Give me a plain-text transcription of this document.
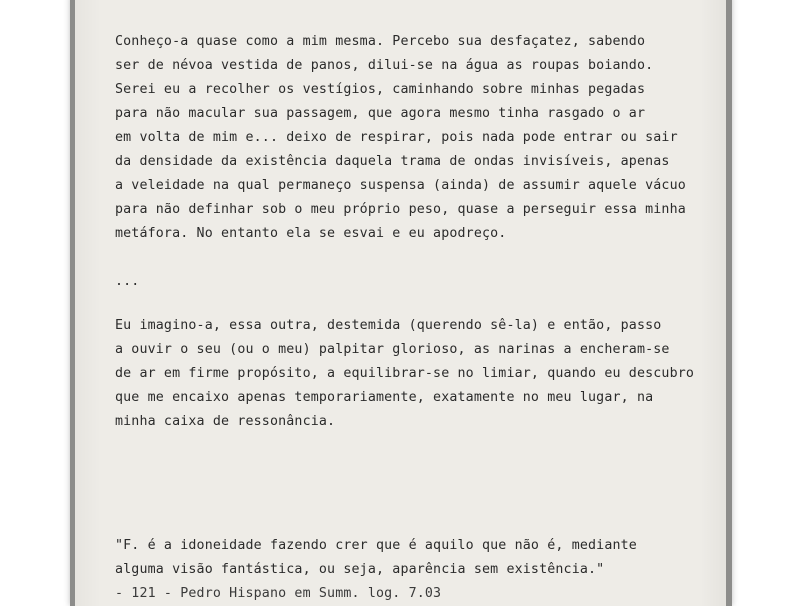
Conheço-a quase como a mim mesma. Percebo sua desfaçatez, sabendo
ser de névoa vestida de panos, dilui-se na água as roupas boiando.
Serei eu a recolher os vestígios, caminhando sobre minhas pegadas
para não macular sua passagem, que agora mesmo tinha rasgado o ar
em volta de mim e... deixo de respirar, pois nada pode entrar ou sair
da densidade da existência daquela trama de ondas invisíveis, apenas
a veleidade na qual permaneço suspensa (ainda) de assumir aquele vácuo
para não definhar sob o meu próprio peso, quase a perseguir essa minha
metáfora. No entanto ela se esvai e eu apodreço.
...
Eu imagino-a, essa outra, destemida (querendo sê-la) e então, passo
a ouvir o seu (ou o meu) palpitar glorioso, as narinas a encheram-se
de ar em firme propósito, a equilibrar-se no limiar, quando eu descubro
que me encaixo apenas temporariamente, exatamente no meu lugar, na
minha caixa de ressonância.
"F. é a idoneidade fazendo crer que é aquilo que não é, mediante
alguma visão fantástica, ou seja, aparência sem existência."
- 121 - Pedro Hispano em Summ. log. 7.03
